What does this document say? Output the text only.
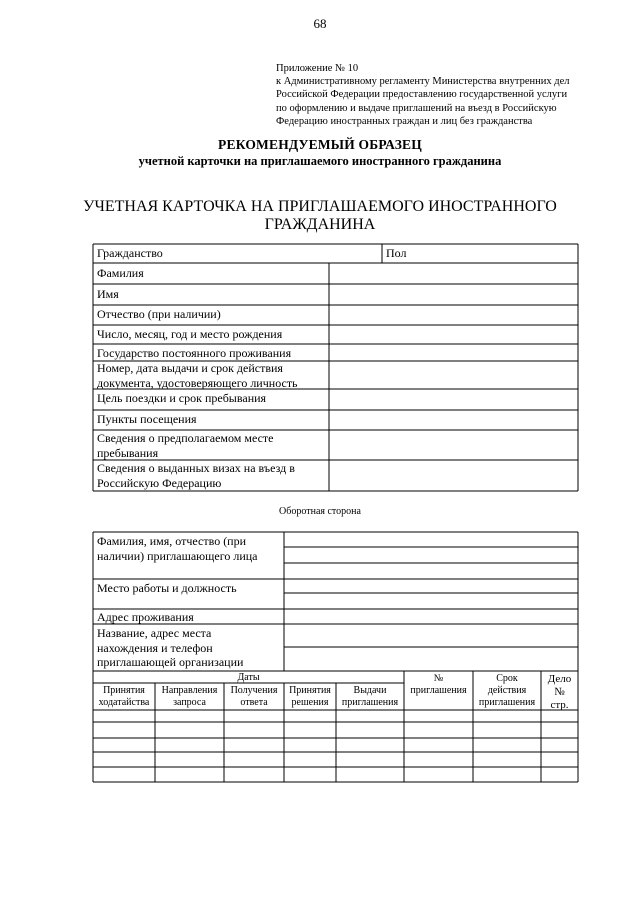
68
Приложение № 10
к Административному регламенту Министерства внутренних дел
Российской Федерации предоставлению государственной услуги
по оформлению и выдаче приглашений на въезд в Российскую
Федерацию иностранных граждан и лиц без гражданства
РЕКОМЕНДУЕМЫЙ ОБРАЗЕЦ
учетной карточки на приглашаемого иностранного гражданина
УЧЕТНАЯ КАРТОЧКА НА ПРИГЛАШАЕМОГО ИНОСТРАННОГО
ГРАЖДАНИНА
Гражданство	Пол
Фамилия
Имя
Отчество (при наличии)
Число, месяц, год и место рождения
Государство постоянного проживания
Номер, дата выдачи и срок действия
документа, удостоверяющего личность
Цель поездки и срок пребывания
Пункты посещения
Сведения о предполагаемом месте
пребывания
Сведения о выданных визах на въезд в
Российскую Федерацию
Оборотная сторона
Фамилия, имя, отчество (при
наличии) приглашающего лица
Место работы и должность
Адрес проживания
Название, адрес места
нахождения и телефон
приглашающей организации
Даты
Принятия
ходатайства
Направления
запроса
Получения
ответа
Принятия
решения
Выдачи
приглашения
№
приглашения
Срок
действия
приглашения
Дело
№
стр.
